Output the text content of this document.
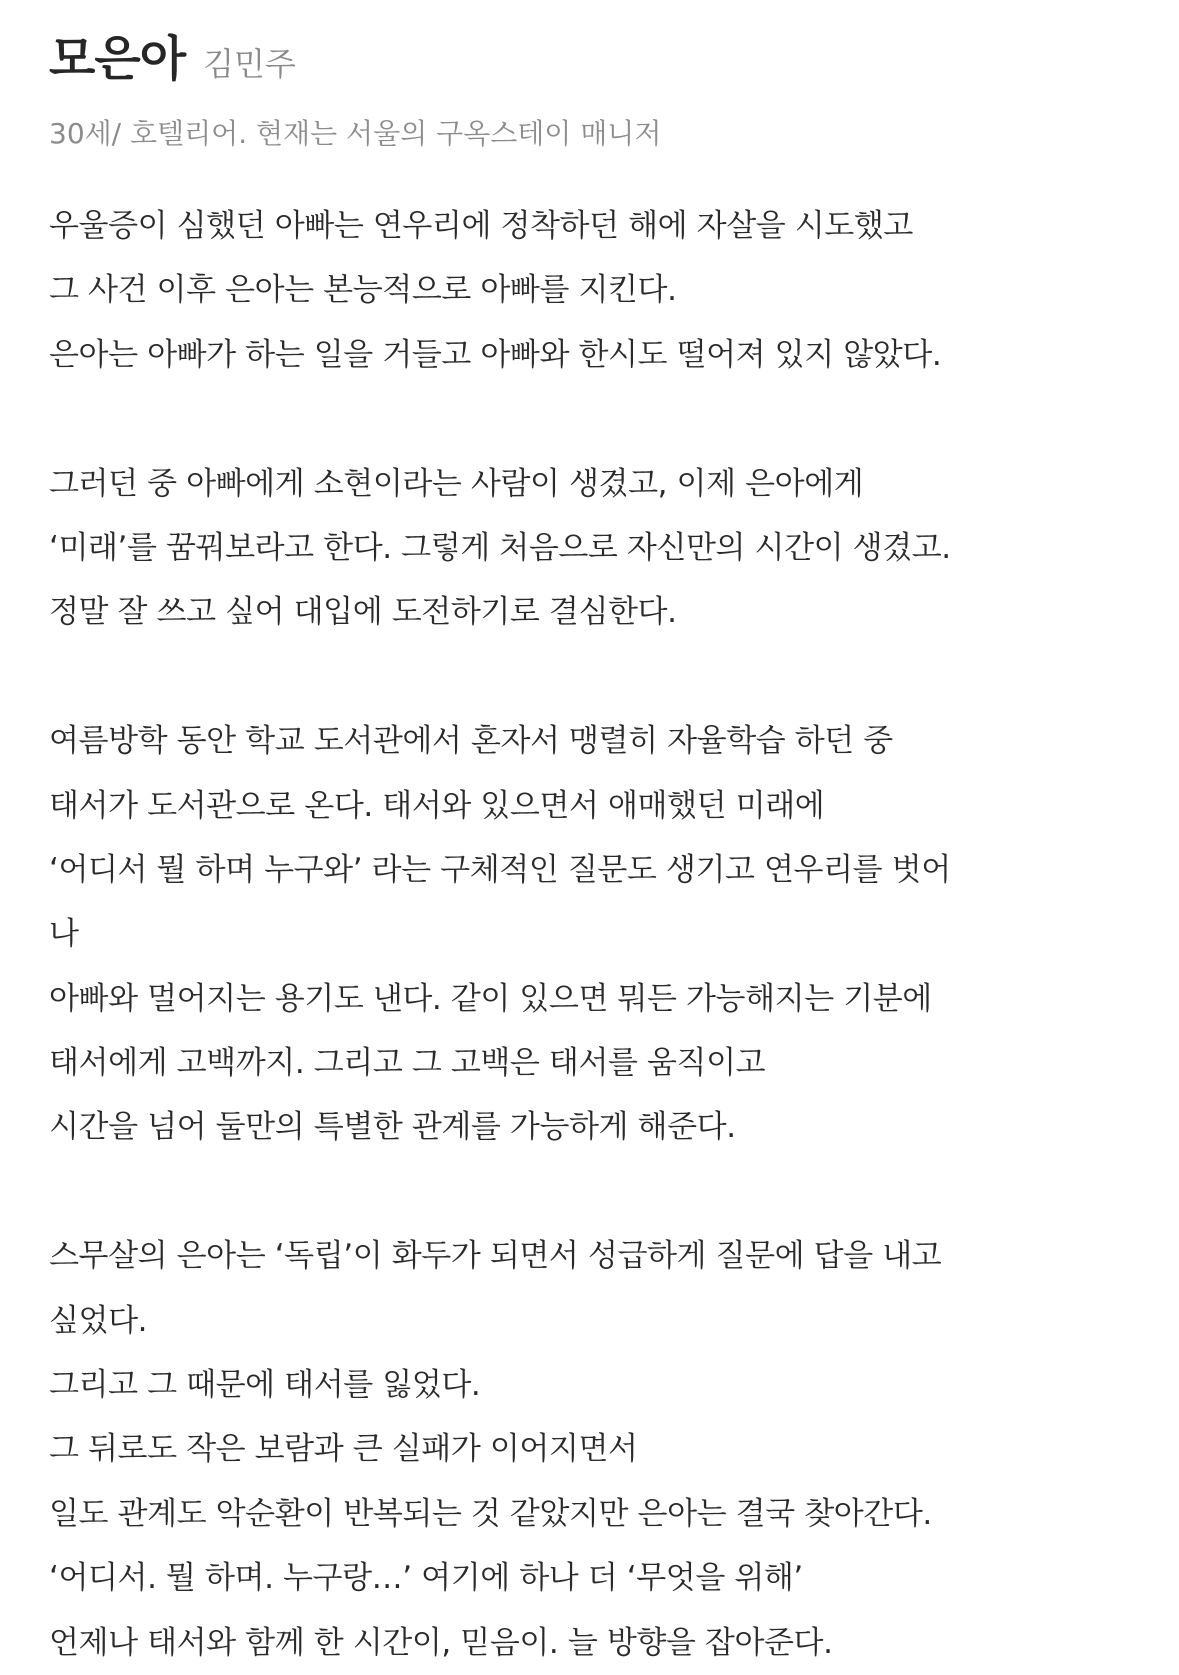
모은아 김민주
30세/ 호텔리어. 현재는 서울의 구옥스테이 매니저
우울증이 심했던 아빠는 연우리에 정착하던 해에 자살을 시도했고
그 사건 이후 은아는 본능적으로 아빠를 지킨다.
은아는 아빠가 하는 일을 거들고 아빠와 한시도 떨어져 있지 않았다.
그러던 중 아빠에게 소현이라는 사람이 생겼고, 이제 은아에게
‘미래’를 꿈꿔보라고 한다. 그렇게 처음으로 자신만의 시간이 생겼고.
정말 잘 쓰고 싶어 대입에 도전하기로 결심한다.
여름방학 동안 학교 도서관에서 혼자서 맹렬히 자율학습 하던 중
태서가 도서관으로 온다. 태서와 있으면서 애매했던 미래에
‘어디서 뭘 하며 누구와’ 라는 구체적인 질문도 생기고 연우리를 벗어
나
아빠와 멀어지는 용기도 낸다. 같이 있으면 뭐든 가능해지는 기분에
태서에게 고백까지. 그리고 그 고백은 태서를 움직이고
시간을 넘어 둘만의 특별한 관계를 가능하게 해준다.
스무살의 은아는 ‘독립’이 화두가 되면서 성급하게 질문에 답을 내고
싶었다.
그리고 그 때문에 태서를 잃었다.
그 뒤로도 작은 보람과 큰 실패가 이어지면서
일도 관계도 악순환이 반복되는 것 같았지만 은아는 결국 찾아간다.
‘어디서. 뭘 하며. 누구랑…’ 여기에 하나 더 ‘무엇을 위해’
언제나 태서와 함께 한 시간이, 믿음이. 늘 방향을 잡아준다.
